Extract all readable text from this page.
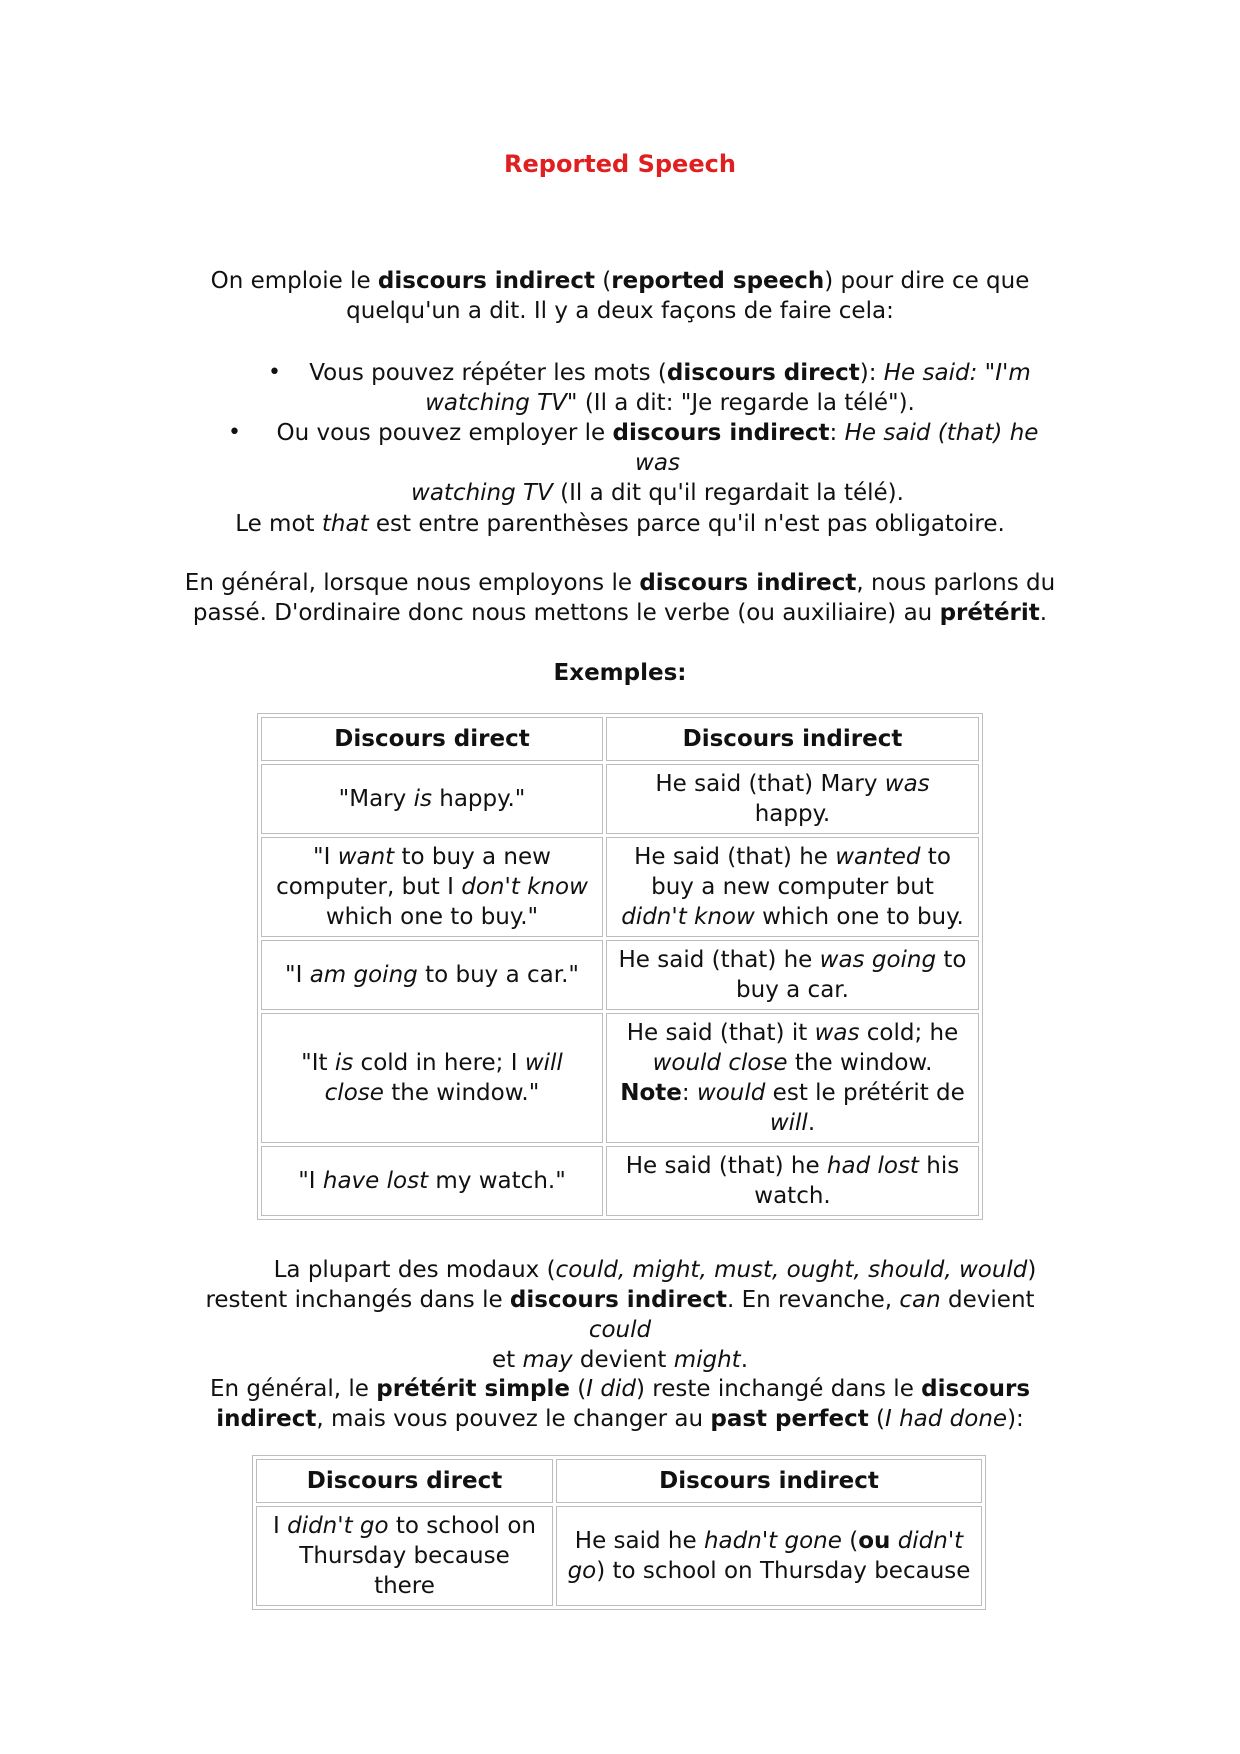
Reported Speech
On emploie le discours indirect (reported speech) pour dire ce que
quelqu'un a dit. Il y a deux façons de faire cela:
• Vous pouvez répéter les mots (discours direct): He said: "I'm
watching TV" (Il a dit: "Je regarde la télé").
• Ou vous pouvez employer le discours indirect: He said (that) he was
watching TV (Il a dit qu'il regardait la télé).
Le mot that est entre parenthèses parce qu'il n'est pas obligatoire.
En général, lorsque nous employons le discours indirect, nous parlons du
passé. D'ordinaire donc nous mettons le verbe (ou auxiliaire) au prétérit.
Exemples:
Discours direct	Discours indirect
"Mary is happy."	He said (that) Mary was happy.
"I want to buy a new computer, but I don't know which one to buy."	He said (that) he wanted to buy a new computer but didn't know which one to buy.
"I am going to buy a car."	He said (that) he was going to buy a car.
"It is cold in here; I will close the window."	He said (that) it was cold; he would close the window.
Note: would est le prétérit de will.
"I have lost my watch."	He said (that) he had lost his watch.
La plupart des modaux (could, might, must, ought, should, would)
restent inchangés dans le discours indirect. En revanche, can devient could
et may devient might.
En général, le prétérit simple (I did) reste inchangé dans le discours
indirect, mais vous pouvez le changer au past perfect (I had done):
Discours direct	Discours indirect
I didn't go to school on Thursday because there	He said he hadn't gone (ou didn't go) to school on Thursday because
